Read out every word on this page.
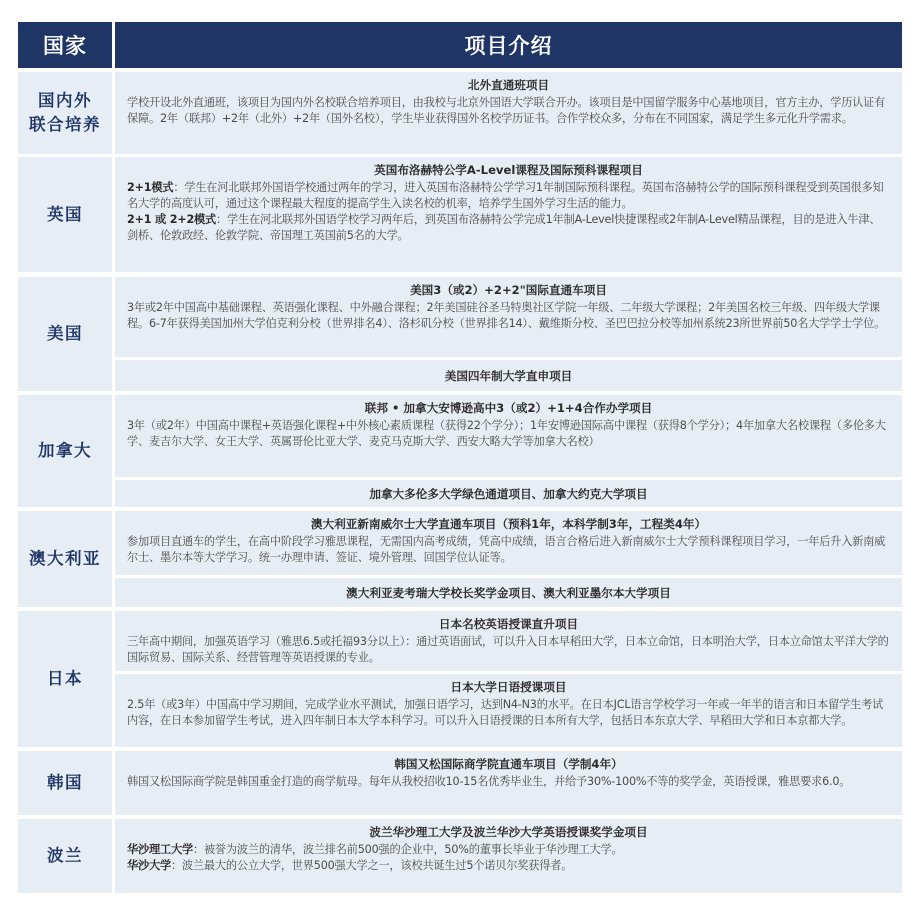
国家	项目介绍
国内外
联合培养
北外直通班项目

学校开设北外直通班，该项目为国内外名校联合培养项目，由我校与北京外国语大学联合开办。该项目是中国留学服务中心基地项目，官方主办，学历认证有保障。2年（联邦）+2年（北外）+2年（国外名校），学生毕业获得国外名校学历证书。合作学校众多，分布在不同国家，满足学生多元化升学需求。

英国
英国布洛赫特公学A-Level课程及国际预科课程项目

2+1模式：学生在河北联邦外国语学校通过两年的学习，进入英国布洛赫特公学学习1年制国际预科课程。英国布洛赫特公学的国际预科课程受到英国很多知名大学的高度认可，通过这个课程最大程度的提高学生入读名校的机率，培养学生国外学习生活的能力。

2+1 或 2+2模式：学生在河北联邦外国语学校学习两年后，到英国布洛赫特公学完成1年制A-Level快捷课程或2年制A-Level精品课程，目的是进入牛津、剑桥、伦敦政经、伦敦学院、帝国理工英国前5名的大学。

美国
美国3（或2）+2+2"国际直通车项目

3年或2年中国高中基础课程、英语强化课程、中外融合课程；2年美国硅谷圣马特奥社区学院一年级、二年级大学课程；2年美国名校三年级、四年级大学课程。6-7年获得美国加州大学伯克利分校（世界排名4）、洛杉矶分校（世界排名14）、戴维斯分校、圣巴巴拉分校等加州系统23所世界前50名大学学士学位。

美国四年制大学直申项目
加拿大
联邦 • 加拿大安博逊高中3（或2）+1+4合作办学项目

3年（或2年）中国高中课程+英语强化课程+中外核心素质课程（获得22个学分）；1年安博逊国际高中课程（获得8个学分）；4年加拿大名校课程（多伦多大学、麦吉尔大学、女王大学、英属哥伦比亚大学、麦克马克斯大学、西安大略大学等加拿大名校）

加拿大多伦多大学绿色通道项目、加拿大约克大学项目
澳大利亚
澳大利亚新南威尔士大学直通车项目（预科1年，本科学制3年，工程类4年）

参加项目直通车的学生，在高中阶段学习雅思课程，无需国内高考成绩，凭高中成绩，语言合格后进入新南威尔士大学预科课程项目学习，一年后升入新南威尔士、墨尔本等大学学习。统一办理申请、签证、境外管理、回国学位认证等。

澳大利亚麦考瑞大学校长奖学金项目、澳大利亚墨尔本大学项目
日本
日本名校英语授课直升项目

三年高中期间，加强英语学习（雅思6.5或托福93分以上）：通过英语面试，可以升入日本早稻田大学，日本立命馆，日本明治大学，日本立命馆太平洋大学的国际贸易、国际关系、经营管理等英语授课的专业。

日本大学日语授课项目

2.5年（或3年）中国高中学习期间，完成学业水平测试，加强日语学习，达到N4-N3的水平。在日本JCL语言学校学习一年或一年半的语言和日本留学生考试内容，在日本参加留学生考试，进入四年制日本大学本科学习。可以升入日语授课的日本所有大学，包括日本东京大学、早稻田大学和日本京都大学。

韩国
韩国又松国际商学院直通车项目（学制4年）

韩国又松国际商学院是韩国重金打造的商学航母。每年从我校招收10-15名优秀毕业生，并给予30%-100%不等的奖学金，英语授课，雅思要求6.0。

波兰
波兰华沙理工大学及波兰华沙大学英语授课奖学金项目

华沙理工大学：被誉为波兰的清华，波兰排名前500强的企业中，50%的董事长毕业于华沙理工大学。

华沙大学：波兰最大的公立大学，世界500强大学之一，该校共诞生过5个诺贝尔奖获得者。
